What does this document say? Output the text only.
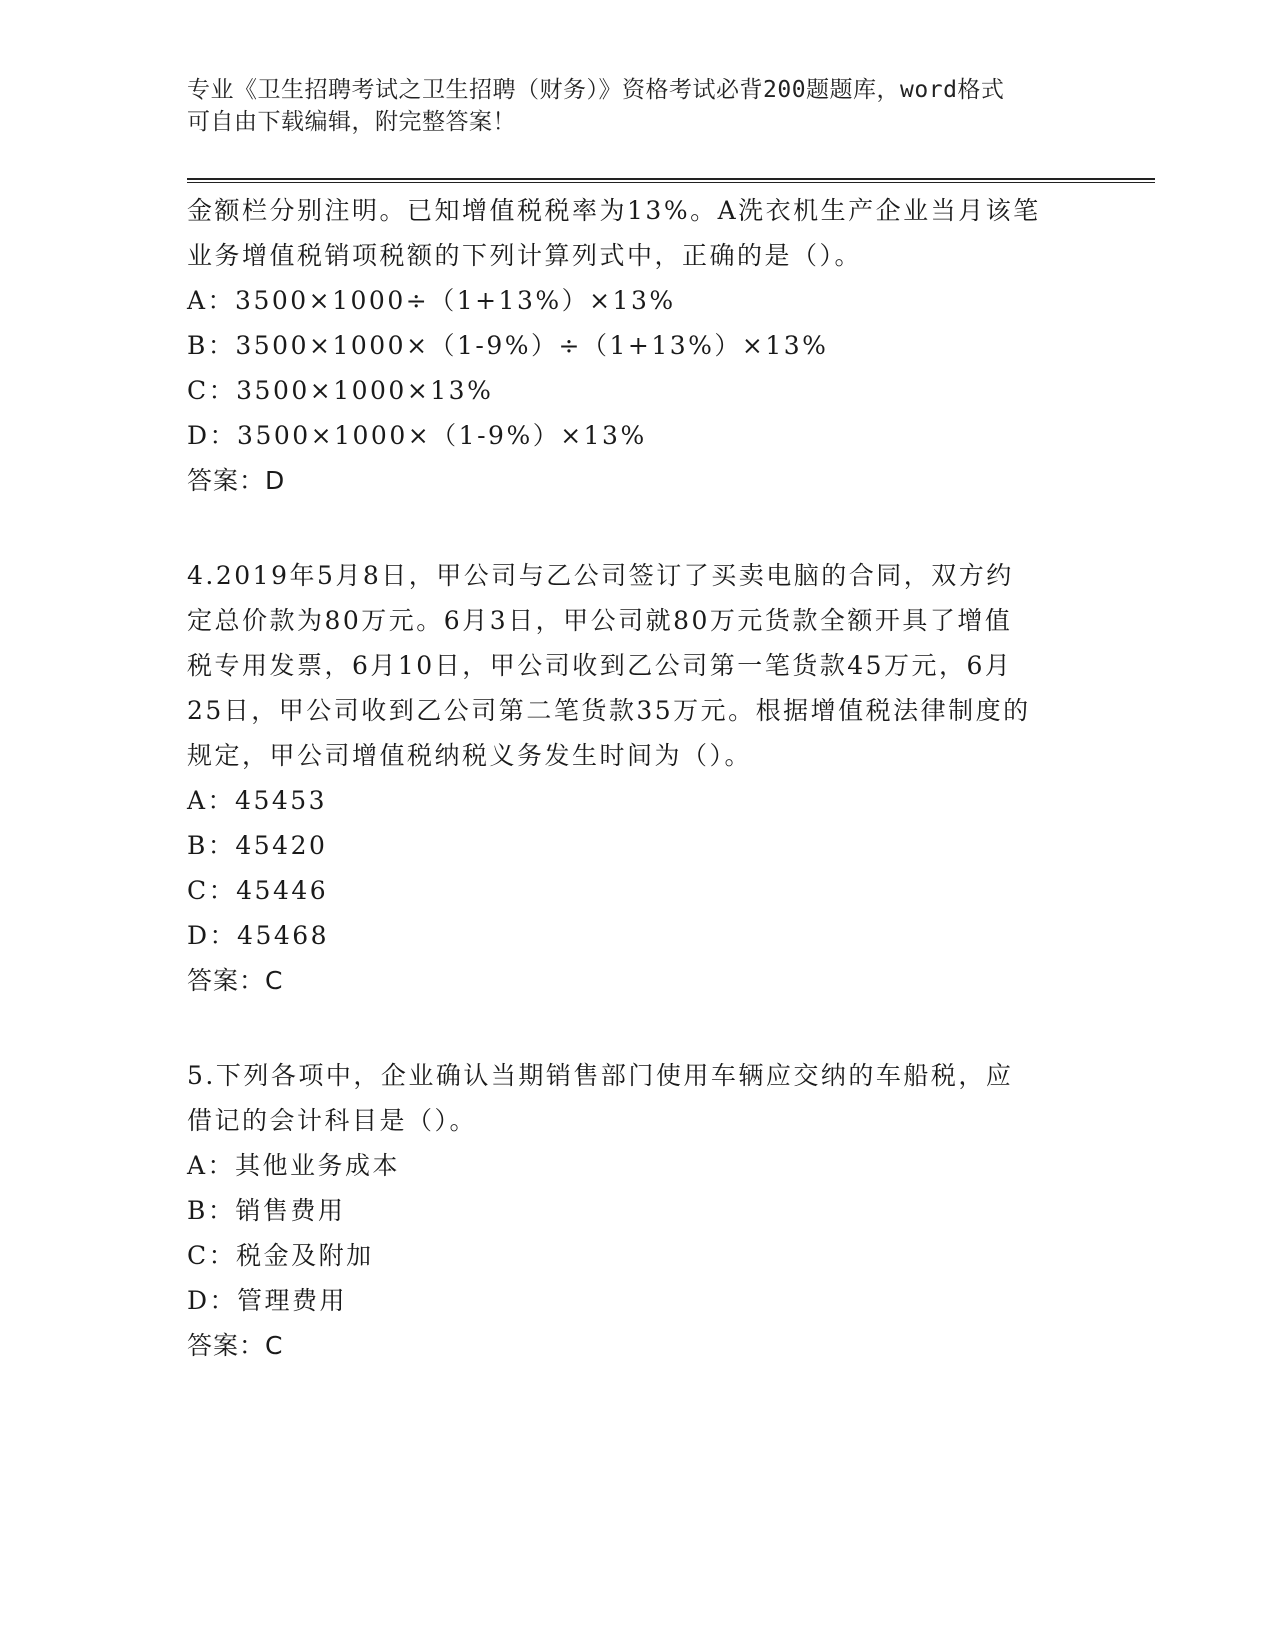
专业《卫生招聘考试之卫生招聘（财务）》资格考试必背200题题库，word格式
可自由下载编辑，附完整答案！
金额栏分别注明。已知增值税税率为13%。A洗衣机生产企业当月该笔
业务增值税销项税额的下列计算列式中，正确的是（）。
A：3500×1000÷（1+13%）×13%
B：3500×1000×（1-9%）÷（1+13%）×13%
C：3500×1000×13%
D：3500×1000×（1-9%）×13%
答案：D
4.2019年5月8日，甲公司与乙公司签订了买卖电脑的合同，双方约
定总价款为80万元。6月3日，甲公司就80万元货款全额开具了增值
税专用发票，6月10日，甲公司收到乙公司第一笔货款45万元，6月
25日，甲公司收到乙公司第二笔货款35万元。根据增值税法律制度的
规定，甲公司增值税纳税义务发生时间为（）。
A：45453
B：45420
C：45446
D：45468
答案：C
5.下列各项中，企业确认当期销售部门使用车辆应交纳的车船税，应
借记的会计科目是（）。
A：其他业务成本
B：销售费用
C：税金及附加
D：管理费用
答案：C
